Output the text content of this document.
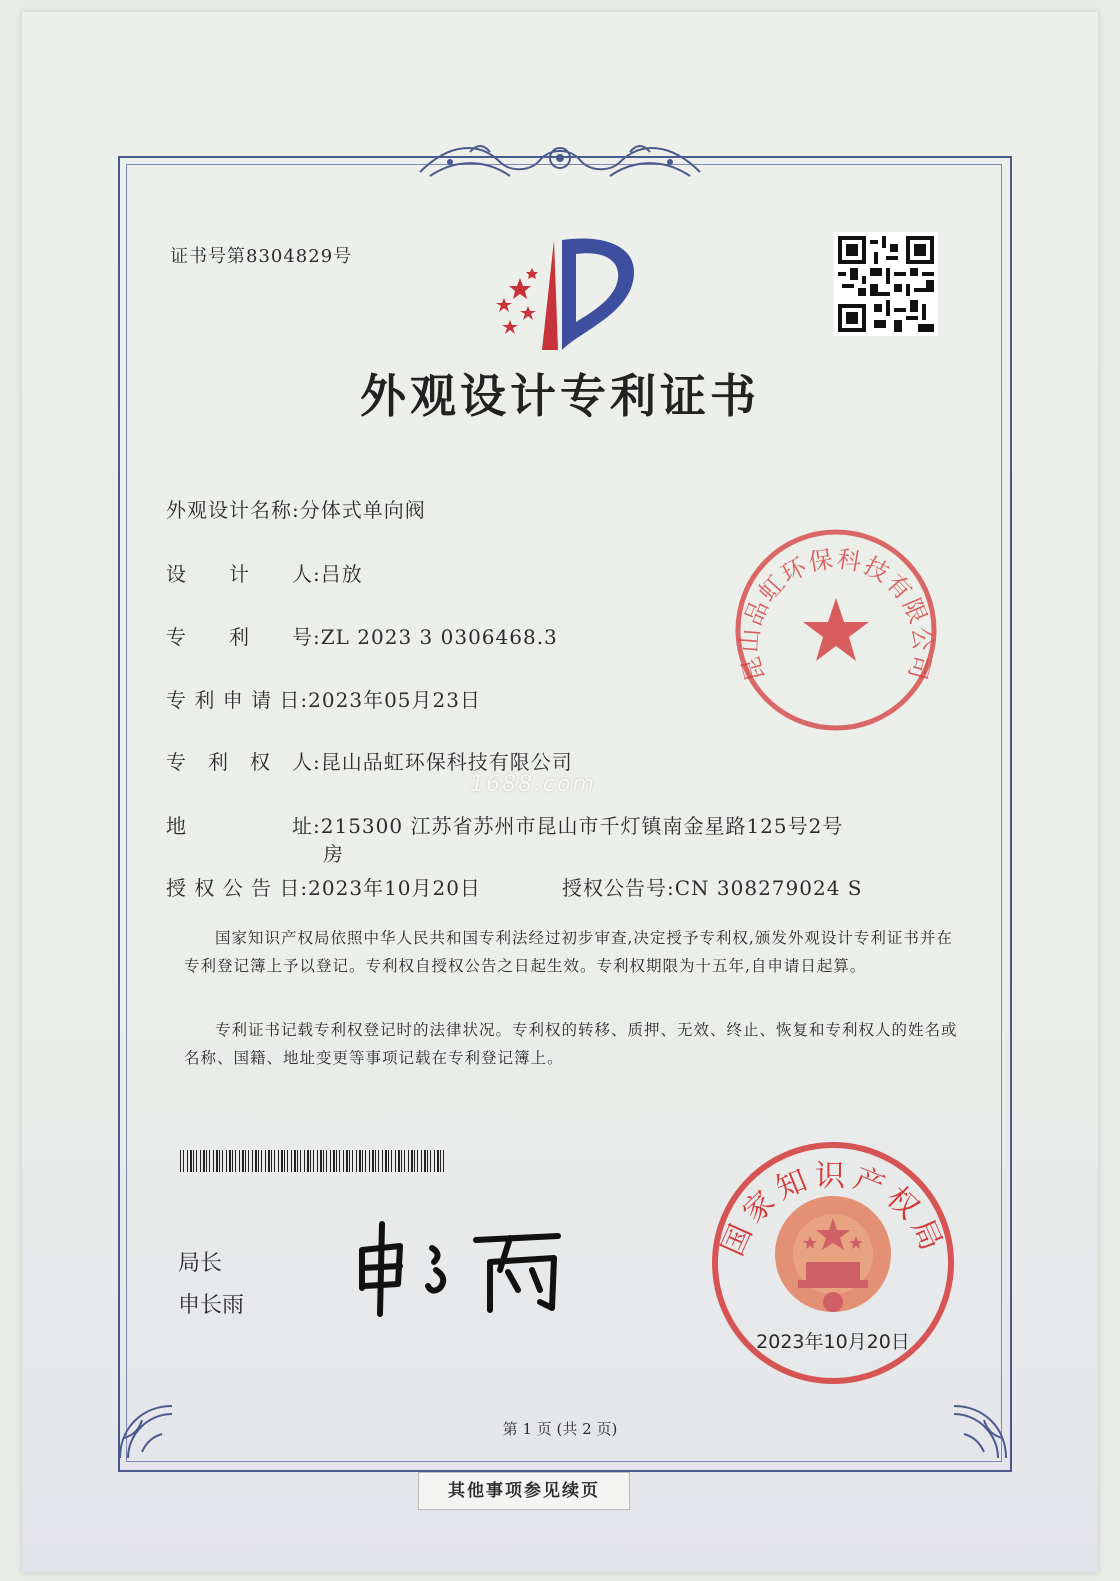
证书号第8304829号
外观设计专利证书
外观设计名称:分体式单向阀
设　　计　　人:吕放
专　　利　　号:ZL 2023 3 0306468.3
专 利 申 请 日:2023年05月23日
专　利　权　人:昆山品虹环保科技有限公司
地　　　　　址:215300 江苏省苏州市昆山市千灯镇南金星路125号2号
房
授 权 公 告 日:2023年10月20日	授权公告号:CN 308279024 S
1688.com
国家知识产权局依照中华人民共和国专利法经过初步审查,决定授予专利权,颁发外观设计专利证书并在专利登记簿上予以登记。专利权自授权公告之日起生效。专利权期限为十五年,自申请日起算。
专利证书记载专利权登记时的法律状况。专利权的转移、质押、无效、终止、恢复和专利权人的姓名或名称、国籍、地址变更等事项记载在专利登记簿上。
昆山品虹环保科技有限公司
局长
申长雨
国家知识产权局
2023年10月20日
第 1 页 (共 2 页)
其他事项参见续页
